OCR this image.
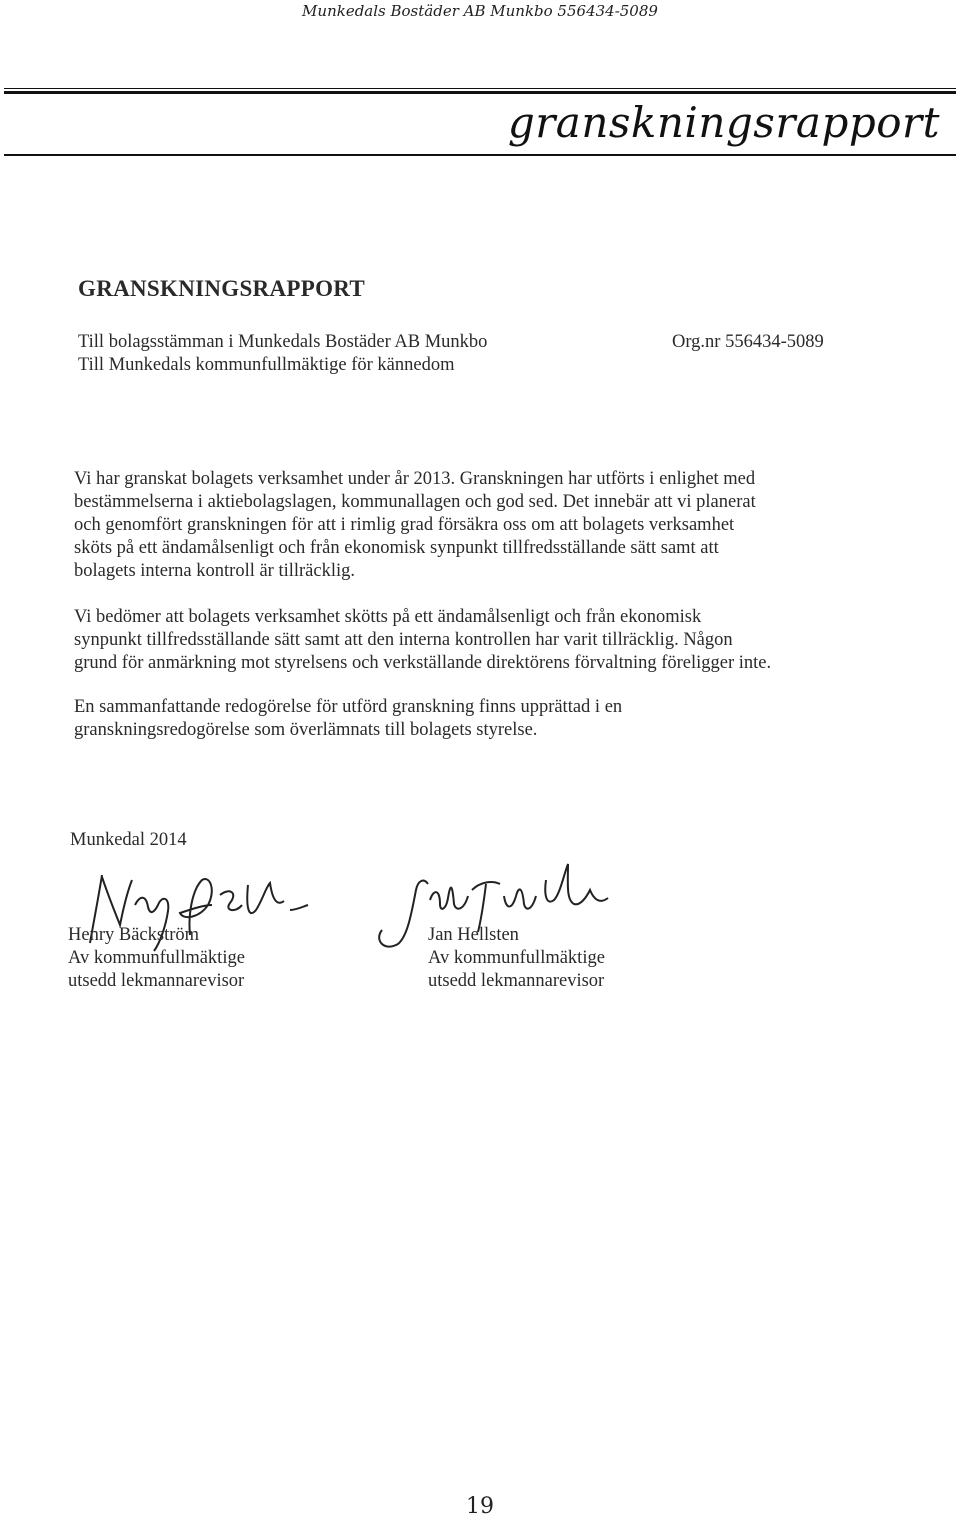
Munkedals Bostäder AB Munkbo 556434-5089
granskningsrapport
GRANSKNINGSRAPPORT
Till bolagsstämman i Munkedals Bostäder AB Munkbo
Till Munkedals kommunfullmäktige för kännedom
Org.nr 556434-5089
Vi har granskat bolagets verksamhet under år 2013. Granskningen har utförts i enlighet med
bestämmelserna i aktiebolagslagen, kommunallagen och god sed. Det innebär att vi planerat
och genomfört granskningen för att i rimlig grad försäkra oss om att bolagets verksamhet
sköts på ett ändamålsenligt och från ekonomisk synpunkt tillfredsställande sätt samt att
bolagets interna kontroll är tillräcklig.
Vi bedömer att bolagets verksamhet skötts på ett ändamålsenligt och från ekonomisk
synpunkt tillfredsställande sätt samt att den interna kontrollen har varit tillräcklig. Någon
grund för anmärkning mot styrelsens och verkställande direktörens förvaltning föreligger inte.
En sammanfattande redogörelse för utförd granskning finns upprättad i en
granskningsredogörelse som överlämnats till bolagets styrelse.
Munkedal 2014
Henry Bäckström
Av kommunfullmäktige
utsedd lekmannarevisor
Jan Hellsten
Av kommunfullmäktige
utsedd lekmannarevisor
19
